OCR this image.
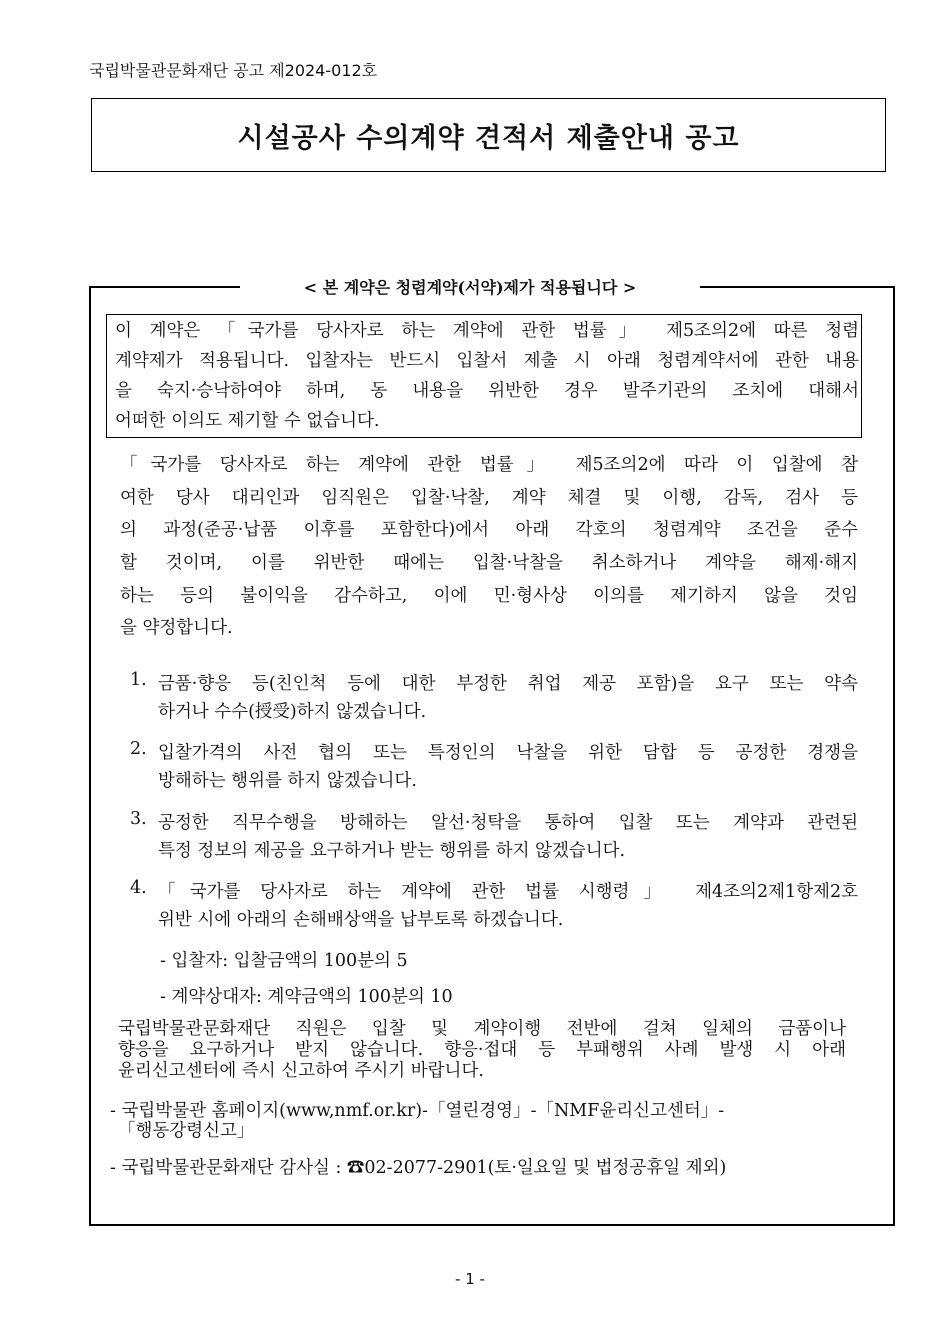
국립박물관문화재단 공고 제2024-012호
시설공사 수의계약 견적서 제출안내 공고
< 본 계약은 청렴계약(서약)제가 적용됩니다 >
이 계약은 「국가를 당사자로 하는 계약에 관한 법률」 제5조의2에 따른 청렴
계약제가 적용됩니다. 입찰자는 반드시 입찰서 제출 시 아래 청렴계약서에 관한 내용
을 숙지·승낙하여야 하며, 동 내용을 위반한 경우 발주기관의 조치에 대해서
어떠한 이의도 제기할 수 없습니다.
「국가를 당사자로 하는 계약에 관한 법률」 제5조의2에 따라 이 입찰에 참
여한 당사 대리인과 임직원은 입찰·낙찰, 계약 체결 및 이행, 감독, 검사 등
의 과정(준공·납품 이후를 포함한다)에서 아래 각호의 청렴계약 조건을 준수
할 것이며, 이를 위반한 때에는 입찰·낙찰을 취소하거나 계약을 해제·해지
하는 등의 불이익을 감수하고, 이에 민·형사상 이의를 제기하지 않을 것임
을 약정합니다.
1. 금품·향응 등(친인척 등에 대한 부정한 취업 제공 포함)을 요구 또는 약속
하거나 수수(授受)하지 않겠습니다.
2. 입찰가격의 사전 협의 또는 특정인의 낙찰을 위한 담합 등 공정한 경쟁을
방해하는 행위를 하지 않겠습니다.
3. 공정한 직무수행을 방해하는 알선·청탁을 통하여 입찰 또는 계약과 관련된
특정 정보의 제공을 요구하거나 받는 행위를 하지 않겠습니다.
4. 「국가를 당사자로 하는 계약에 관한 법률 시행령」 제4조의2제1항제2호
위반 시에 아래의 손해배상액을 납부토록 하겠습니다.
- 입찰자: 입찰금액의 100분의 5
- 계약상대자: 계약금액의 100분의 10
국립박물관문화재단 직원은 입찰 및 계약이행 전반에 걸쳐 일체의 금품이나
향응을 요구하거나 받지 않습니다. 향응·접대 등 부패행위 사례 발생 시 아래
윤리신고센터에 즉시 신고하여 주시기 바랍니다.
- 국립박물관 홈페이지(www,nmf.or.kr)-「열린경영」-「NMF윤리신고센터」-
「행동강령신고」
- 국립박물관문화재단 감사실 : ☎02-2077-2901(토·일요일 및 법정공휴일 제외)
- 1 -
